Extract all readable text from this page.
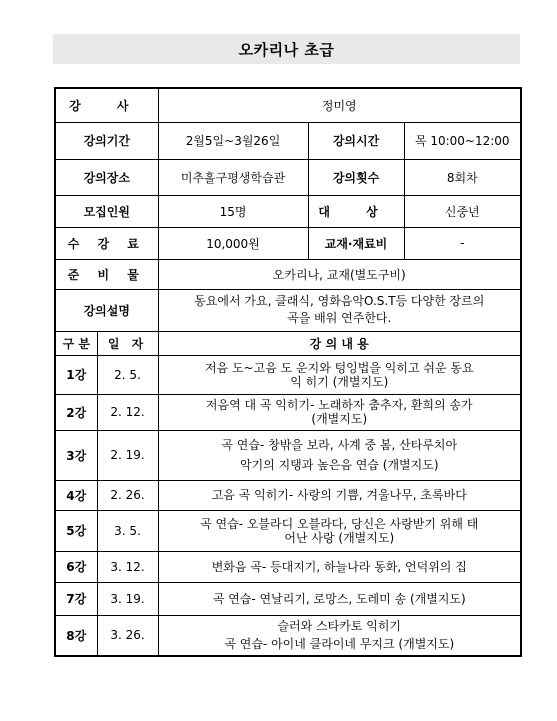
오카리나 초급
강 사		정미영		
강의기간		2월5일~3월26일	강의시간	목 10:00~12:00
강의장소		미추홀구평생학습관	강의횟수	8회차
모집인원		15명	대 상	신중년
수 강 료		10,000원	교재·재료비	-
준 비 물		오카리나, 교재(별도구비)		
강의설명		동요에서 가요, 클래식, 영화음악O.S.T등 다양한 장르의
곡을 배워 연주한다.		

구 분	일 자	강 의 내 용		
1강	2. 5.	저음 도~고음 도 운지와 텅잉법을 익히고 쉬운 동요
익 히기 (개별지도)		

2강	2. 12.	저음역 대 곡 익히기- 노래하자 춤추자, 환희의 송가
(개별지도)		

3강	2. 19.	곡 연습- 창밖을 보라, 사계 중 봄, 산타루치아
악기의 지탱과 높은음 연습 (개별지도)		

4강	2. 26.	고음 곡 익히기- 사랑의 기쁨, 겨울나무, 초록바다		

5강	3. 5.	곡 연습- 오블라디 오블라다, 당신은 사랑받기 위해 태
어난 사랑 (개별지도)		

6강	3. 12.	변화음 곡- 등대지기, 하늘나라 동화, 언덕위의 집		

7강	3. 19.	곡 연습- 연날리기, 로망스, 도레미 송 (개별지도)		

8강	3. 26.	슬러와 스타카토 익히기
곡 연습- 아이네 클라이네 무지크 (개별지도)		
